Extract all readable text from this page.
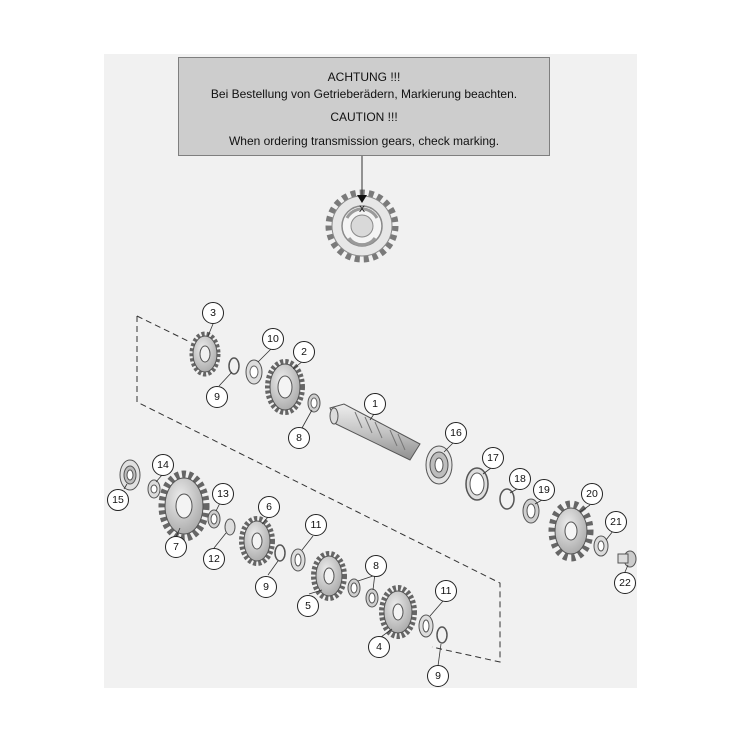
X
ACHTUNG !!!
Bei Bestellung von Getrieberädern, Markierung beachten.
CAUTION !!!
When ordering transmission gears, check marking.
3
10
2
9
1
8	16
17
14
18
19
15	13	20
6
11	21
7
12
8
9	22
11
5
4
9
